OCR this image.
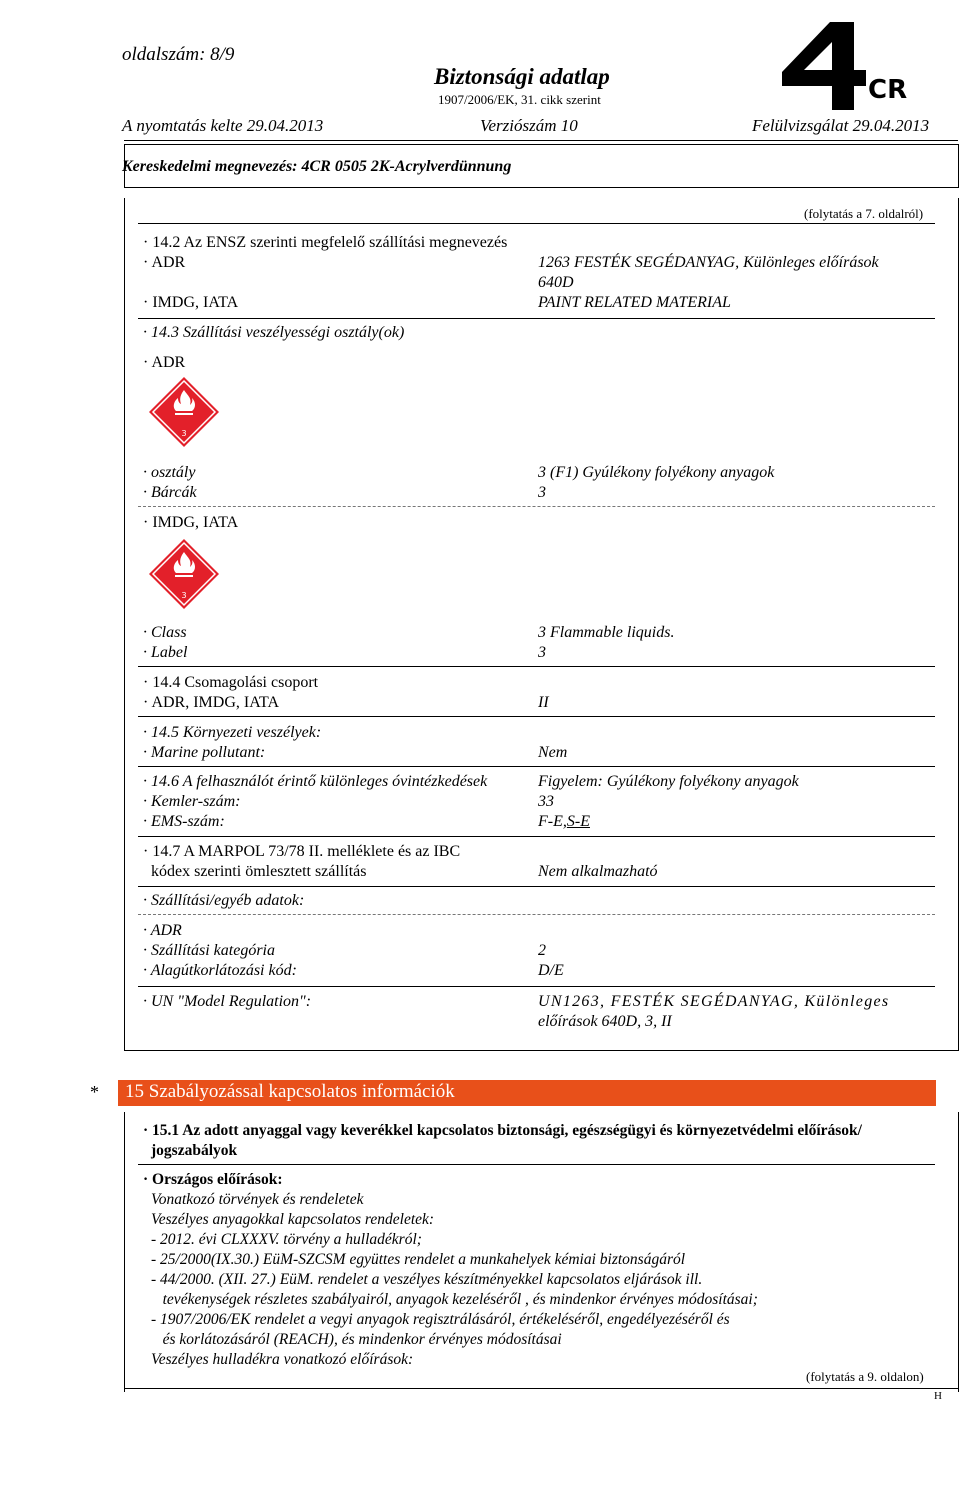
oldalszám: 8/9
Biztonsági adatlap
1907/2006/EK, 31. cikk szerint	CR
A nyomtatás kelte 29.04.2013	Verziószám 10	Felülvizsgálat 29.04.2013
Kereskedelmi megnevezés: 4CR 0505 2K-Acrylverdünnung
(folytatás a 7. oldalról)
· 14.2 Az ENSZ szerinti megfelelő szállítási megnevezés
· ADR	1263 FESTÉK SEGÉDANYAG, Különleges előírások
640D
· IMDG, IATA	PAINT RELATED MATERIAL
· 14.3 Szállítási veszélyességi osztály(ok)
· ADR
3
· osztály	3 (F1) Gyúlékony folyékony anyagok
· Bárcák	3
· IMDG, IATA
3
· Class	3 Flammable liquids.
· Label	3
· 14.4 Csomagolási csoport
· ADR, IMDG, IATA	II
· 14.5 Környezeti veszélyek:
· Marine pollutant:	Nem
· 14.6 A felhasználót érintő különleges óvintézkedések	Figyelem: Gyúlékony folyékony anyagok
· Kemler-szám:	33
· EMS-szám:	F-E,S-E
· 14.7 A MARPOL 73/78 II. melléklete és az IBC
kódex szerinti ömlesztett szállítás	Nem alkalmazható
· Szállítási/egyéb adatok:
· ADR
· Szállítási kategória	2
· Alagútkorlátozási kód:	D/E
· UN "Model Regulation":	UN1263, FESTÉK SEGÉDANYAG, Különleges
előírások 640D, 3, II
* 15 Szabályozással kapcsolatos információk
· 15.1 Az adott anyaggal vagy keverékkel kapcsolatos biztonsági, egészségügyi és környezetvédelmi előírások/
jogszabályok
· Országos előírások:
Vonatkozó törvények és rendeletek
Veszélyes anyagokkal kapcsolatos rendeletek:
- 2012. évi CLXXXV. törvény a hulladékról;
- 25/2000(IX.30.) EüM-SZCSM együttes rendelet a munkahelyek kémiai biztonságáról
- 44/2000. (XII. 27.) EüM. rendelet a veszélyes készítményekkel kapcsolatos eljárások ill.
tevékenységek részletes szabályairól, anyagok kezeléséről , és mindenkor érvényes módosításai;
- 1907/2006/EK rendelet a vegyi anyagok regisztrálásáról, értékeléséről, engedélyezéséről és
és korlátozásáról (REACH), és mindenkor érvényes módosításai
Veszélyes hulladékra vonatkozó előírások:
(folytatás a 9. oldalon)
H
